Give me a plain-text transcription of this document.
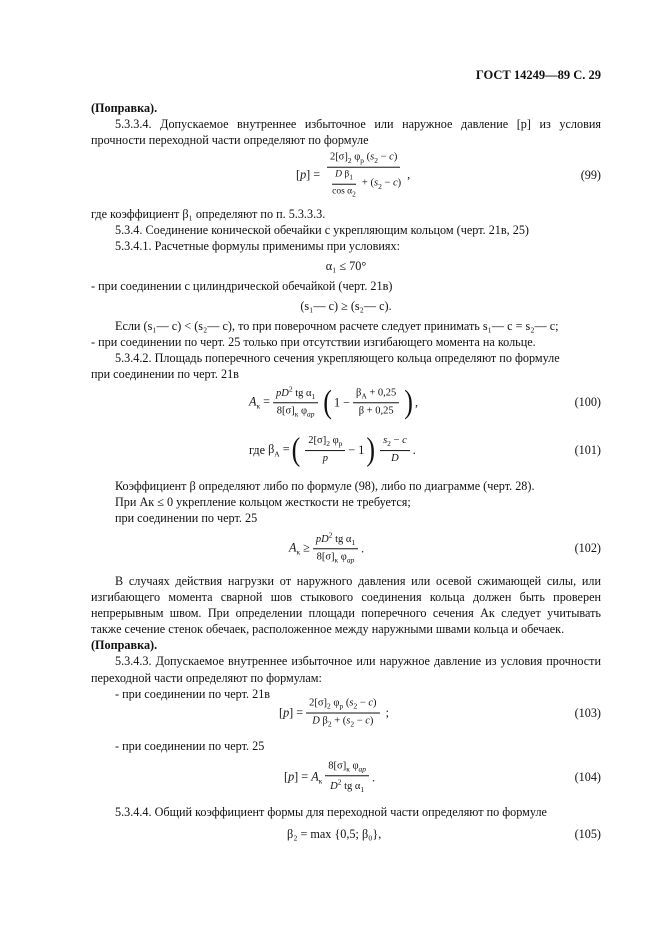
ГОСТ 14249—89 С. 29

(Поправка).

5.3.3.4. Допускаемое внутреннее избыточное или наружное давление [p] из условия прочности переходной части определяют по формуле

$[p] = \frac{2[\sigma]_2 \varphi_p (s_2 - c)}{\frac{D \beta_1}{\cos \alpha_2} + (s_2 - c)}$ ,	(99)

где коэффициент β₁ определяют по п. 5.3.3.3.

5.3.4. Соединение конической обечайки с укрепляющим кольцом (черт. 21в, 25)

5.3.4.1. Расчетные формулы применимы при условиях:

α₁ ≤ 70°

- при соединении с цилиндрической обечайкой (черт. 21в)

(s₁— c) ≥ (s₂— c).

Если (s₁— c) < (s₂— c), то при поверочном расчете следует принимать s₁— c = s₂— c;

- при соединении по черт. 25 только при отсутствии изгибающего момента на кольце.

5.3.4.2. Площадь поперечного сечения укрепляющего кольца определяют по формуле

при соединении по черт. 21в

$A_к = \frac{pD^2 tg \alpha_1}{8[\sigma]_к \varphi_{ap}}$ ( $1 - \frac{\beta_A + 0,25}{\beta + 0,25}$ ) ,	(100)
где $\beta_A$ = ( $\frac{2[\sigma]_2 \varphi_p}{p} - 1$ ) $\frac{s_2 - c}{D}$ .	(101)

Коэффициент β определяют либо по формуле (98), либо по диаграмме (черт. 28).

При Aк ≤ 0 укрепление кольцом жесткости не требуется;

при соединении по черт. 25

$A_к \ge \frac{pD^2 tg \alpha_1}{8[\sigma]_к \varphi_{ap}}$ .	(102)

В случаях действия нагрузки от наружного давления или осевой сжимающей силы, или изгибающего момента сварной шов стыкового соединения кольца должен быть проверен непрерывным швом. При определении площади поперечного сечения Aк следует учитывать также сечение стенок обечаек, расположенное между наружными швами кольца и обечаек.

(Поправка).

5.3.4.3. Допускаемое внутреннее избыточное или наружное давление из условия прочности переходной части определяют по формулам:

- при соединении по черт. 21в

$[p] = \frac{2[\sigma]_2 \varphi_p (s_2 - c)}{D \beta_2 + (s_2 - c)}$ ;	(103)

- при соединении по черт. 25

$[p] = A_к \frac{8[\sigma]_к \varphi_{ap}}{D^2 tg \alpha_1}$ .	(104)

5.3.4.4. Общий коэффициент формы для переходной части определяют по формуле

β₂ = max {0,5; β₀},	(105)
